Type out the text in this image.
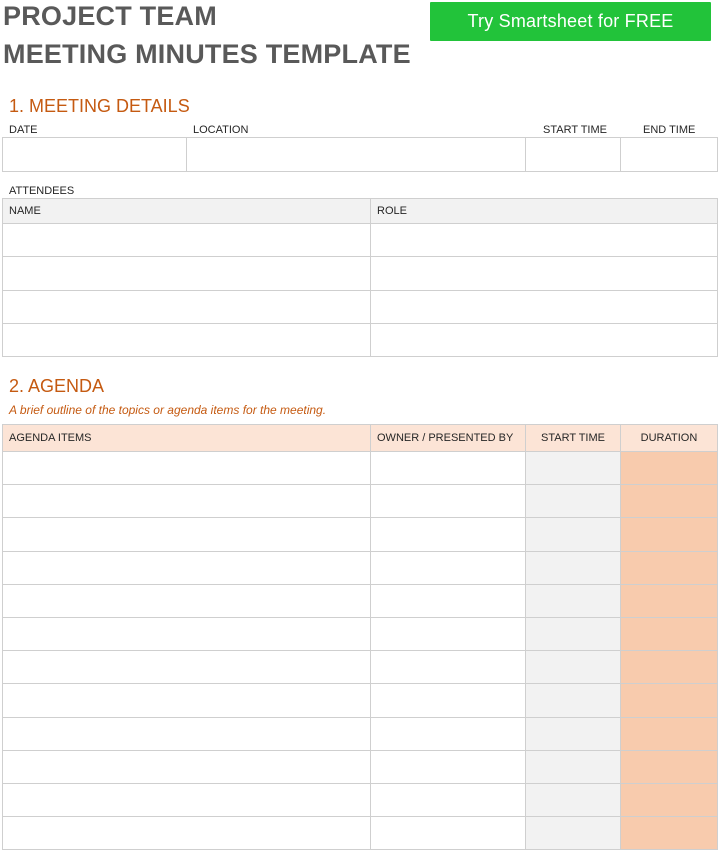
PROJECT TEAM
MEETING MINUTES TEMPLATE
Try Smartsheet for FREE
1. MEETING DETAILS
DATE	LOCATION	START TIME	END TIME

ATTENDEES
NAME	ROLE

2. AGENDA
A brief outline of the topics or agenda items for the meeting.
AGENDA ITEMS	OWNER / PRESENTED BY	START TIME	DURATION
